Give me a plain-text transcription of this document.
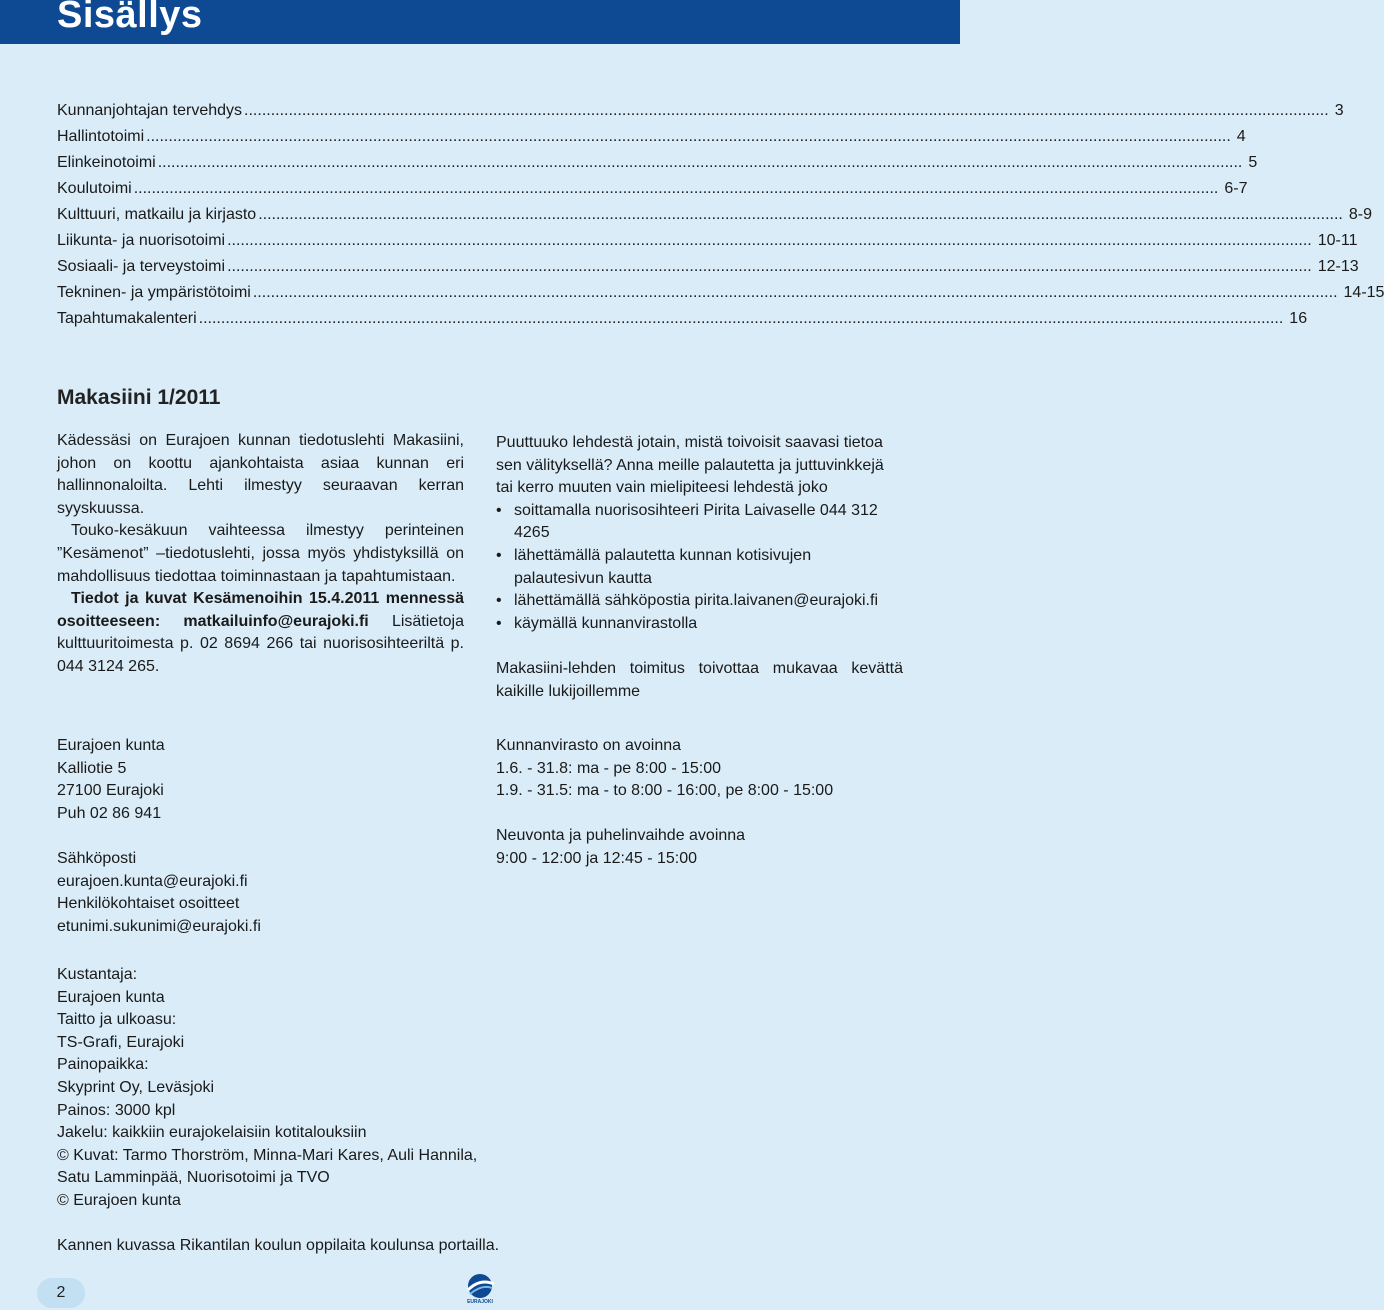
Sisällys
Kunnanjohtajan tervehdys .................................................................................................................................................................................................................................................... 3
Hallintotoimi .................................................................................................................................................................................................................................................... 4
Elinkeinotoimi .................................................................................................................................................................................................................................................... 5
Koulutoimi .................................................................................................................................................................................................................................................... 6-7
Kulttuuri, matkailu ja kirjasto .................................................................................................................................................................................................................................................... 8-9
Liikunta- ja nuorisotoimi .................................................................................................................................................................................................................................................... 10-11
Sosiaali- ja terveystoimi .................................................................................................................................................................................................................................................... 12-13
Tekninen- ja ympäristötoimi .................................................................................................................................................................................................................................................... 14-15
Tapahtumakalenteri .................................................................................................................................................................................................................................................... 16
Makasiini 1/2011

Kädessäsi on Eurajoen kunnan tiedotuslehti Makasiini, johon on koottu ajankohtaista asiaa kunnan eri hallinnonaloilta. Lehti ilmestyy seuraavan kerran syyskuussa.

Touko-kesäkuun vaihteessa ilmestyy perinteinen ”Kesämenot” –tiedotuslehti, jossa myös yhdistyksillä on mahdollisuus tiedottaa toiminnastaan ja tapahtumistaan.

Tiedot ja kuvat Kesämenoihin 15.4.2011 mennessä osoitteeseen: matkailuinfo@eurajoki.fi Lisätietoja kulttuuritoimesta p. 02 8694 266 tai nuorisosihteeriltä p. 044 3124 265.

Puuttuuko lehdestä jotain, mistä toivoisit saavasi tietoa sen välityksellä? Anna meille palautetta ja juttuvinkkejä tai kerro muuten vain mielipiteesi lehdestä joko

• soittamalla nuorisosihteeri Pirita Laivaselle 044 312 4265
• lähettämällä palautetta kunnan kotisivujen palautesivun kautta
• lähettämällä sähköpostia pirita.laivanen@eurajoki.fi
• käymällä kunnanvirastolla

Makasiini-lehden toimitus toivottaa mukavaa kevättä kaikille lukijoillemme

Eurajoen kunta
Kalliotie 5
27100 Eurajoki
Puh 02 86 941
Sähköposti
eurajoen.kunta@eurajoki.fi
Henkilökohtaiset osoitteet
etunimi.sukunimi@eurajoki.fi
Kunnanvirasto on avoinna
1.6. - 31.8: ma - pe 8:00 - 15:00
1.9. - 31.5: ma - to 8:00 - 16:00, pe 8:00 - 15:00
Neuvonta ja puhelinvaihde avoinna
9:00 - 12:00 ja 12:45 - 15:00
Kustantaja:
Eurajoen kunta
Taitto ja ulkoasu:
TS-Grafi, Eurajoki
Painopaikka:
Skyprint Oy, Leväsjoki
Painos: 3000 kpl
Jakelu: kaikkiin eurajokelaisiin kotitalouksiin
© Kuvat: Tarmo Thorström, Minna-Mari Kares, Auli Hannila,
Satu Lamminpää, Nuorisotoimi ja TVO
© Eurajoen kunta
Kannen kuvassa Rikantilan koulun oppilaita koulunsa portailla.
2
EURAJOKI
